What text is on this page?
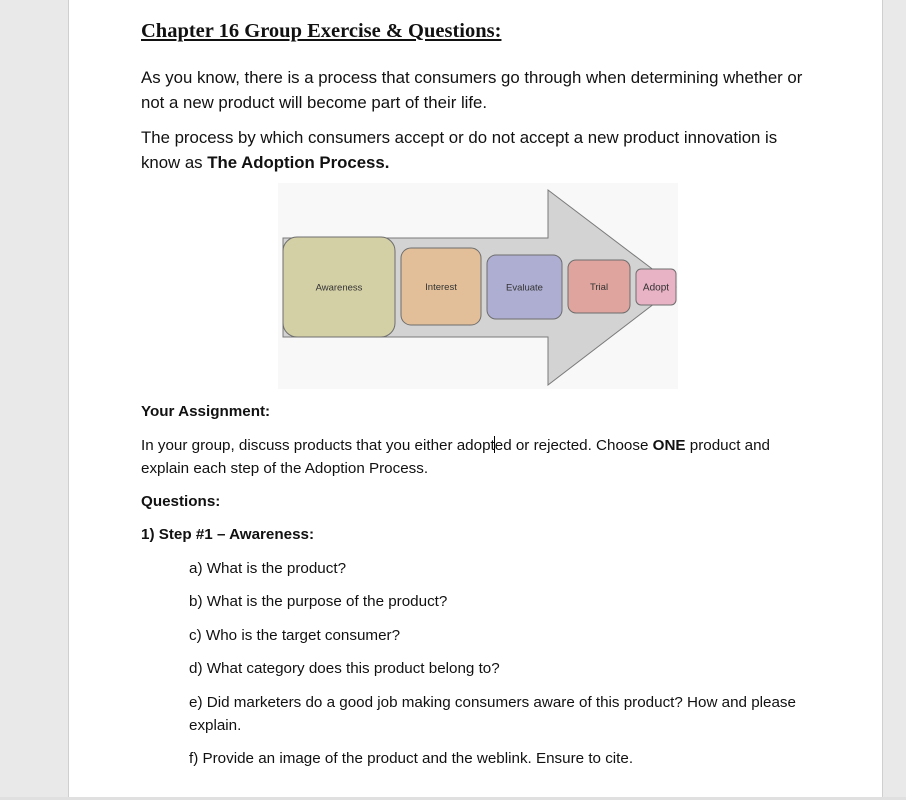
Chapter 16 Group Exercise & Questions:
As you know, there is a process that consumers go through when determining whether or not a new product will become part of their life.
The process by which consumers accept or do not accept a new product innovation is know as The Adoption Process.
Awareness	Interest	Evaluate	Trial	Adopt
Your Assignment:
In your group, discuss products that you either adopted or rejected. Choose ONE product and explain each step of the Adoption Process.
Questions:
1) Step #1 – Awareness:
a) What is the product?
b) What is the purpose of the product?
c) Who is the target consumer?
d) What category does this product belong to?
e) Did marketers do a good job making consumers aware of this product? How and please explain.
f) Provide an image of the product and the weblink. Ensure to cite.
